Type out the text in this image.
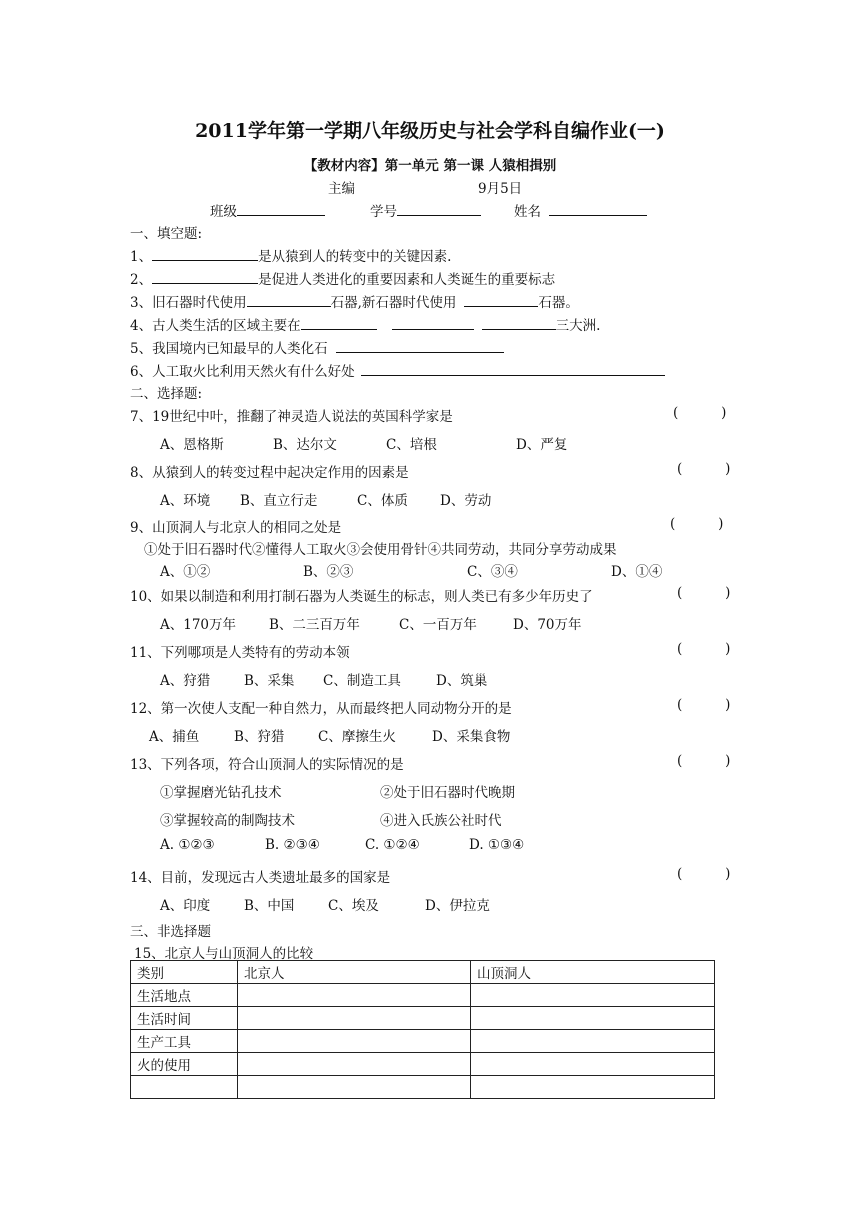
2011学年第一学期八年级历史与社会学科自编作业(一)
【教材内容】第一单元 第一课 人猿相揖别
主编	9月5日
班级	学号	姓名
一、填空题:
1、	是从猿到人的转变中的关键因素.
2、	是促进人类进化的重要因素和人类诞生的重要标志
3、旧石器时代使用	石器,新石器时代使用	石器。
4、古人类生活的区域主要在	三大洲.
5、我国境内已知最早的人类化石
6、人工取火比利用天然火有什么好处
二、选择题:
7、19世纪中叶，推翻了神灵造人说法的英国科学家是	(          )
A、恩格斯	B、达尔文	C、培根	D、严复
8、从猿到人的转变过程中起决定作用的因素是	(          )
A、环境 B、直立行走	C、体质 D、劳动
9、山顶洞人与北京人的相同之处是	(          )
①处于旧石器时代②懂得人工取火③会使用骨针④共同劳动，共同分享劳动成果
A、①②	B、②③	C、③④	D、①④
10、如果以制造和利用打制石器为人类诞生的标志，则人类已有多少年历史了	(          )
A、170万年 B、二三百万年	C、一百万年	D、70万年
11、下列哪项是人类特有的劳动本领	(          )
A、狩猎	B、采集 C、制造工具	D、筑巢
12、第一次使人支配一种自然力，从而最终把人同动物分开的是	(          )
A、捕鱼	B、狩猎 C、摩擦生火	D、采集食物
13、下列各项，符合山顶洞人的实际情况的是	(          )
①掌握磨光钻孔技术	②处于旧石器时代晚期
③掌握较高的制陶技术	④进入氏族公社时代
A. ①②③	B. ②③④	C. ①②④	D. ①③④
14、目前，发现远古人类遗址最多的国家是	(          )
A、印度	B、中国 C、埃及	D、伊拉克
三、非选择题
15、北京人与山顶洞人的比较
类别	北京人	山顶洞人
生活地点		
生活时间		
生产工具		
火的使用		
